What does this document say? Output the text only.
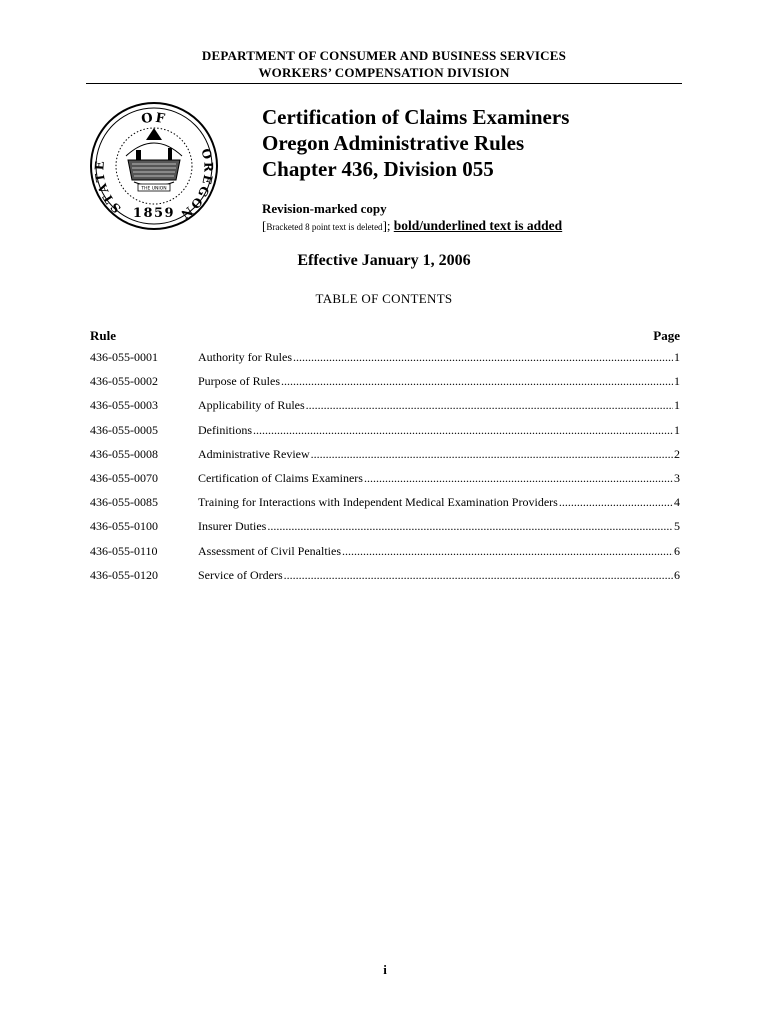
DEPARTMENT OF CONSUMER AND BUSINESS SERVICES
WORKERS’ COMPENSATION DIVISION
OF
STATE
OREGON
THE UNION
1859
Certification of Claims Examiners
Oregon Administrative Rules
Chapter 436, Division 055
Revision-marked copy
[Bracketed 8 point text is deleted]; bold/underlined text is added
Effective January 1, 2006
TABLE OF CONTENTS
Rule	Page
436-055-0001	Authority for Rules .....	1
436-055-0002	Purpose of Rules .....	1
436-055-0003	Applicability of Rules .....	1
436-055-0005	Definitions .....	1
436-055-0008	Administrative Review .....	2
436-055-0070	Certification of Claims Examiners .....	3
436-055-0085	Training for Interactions with Independent Medical Examination Providers .....	4
436-055-0100	Insurer Duties .....	5
436-055-0110	Assessment of Civil Penalties .....	6
436-055-0120	Service of Orders .....	6
i
